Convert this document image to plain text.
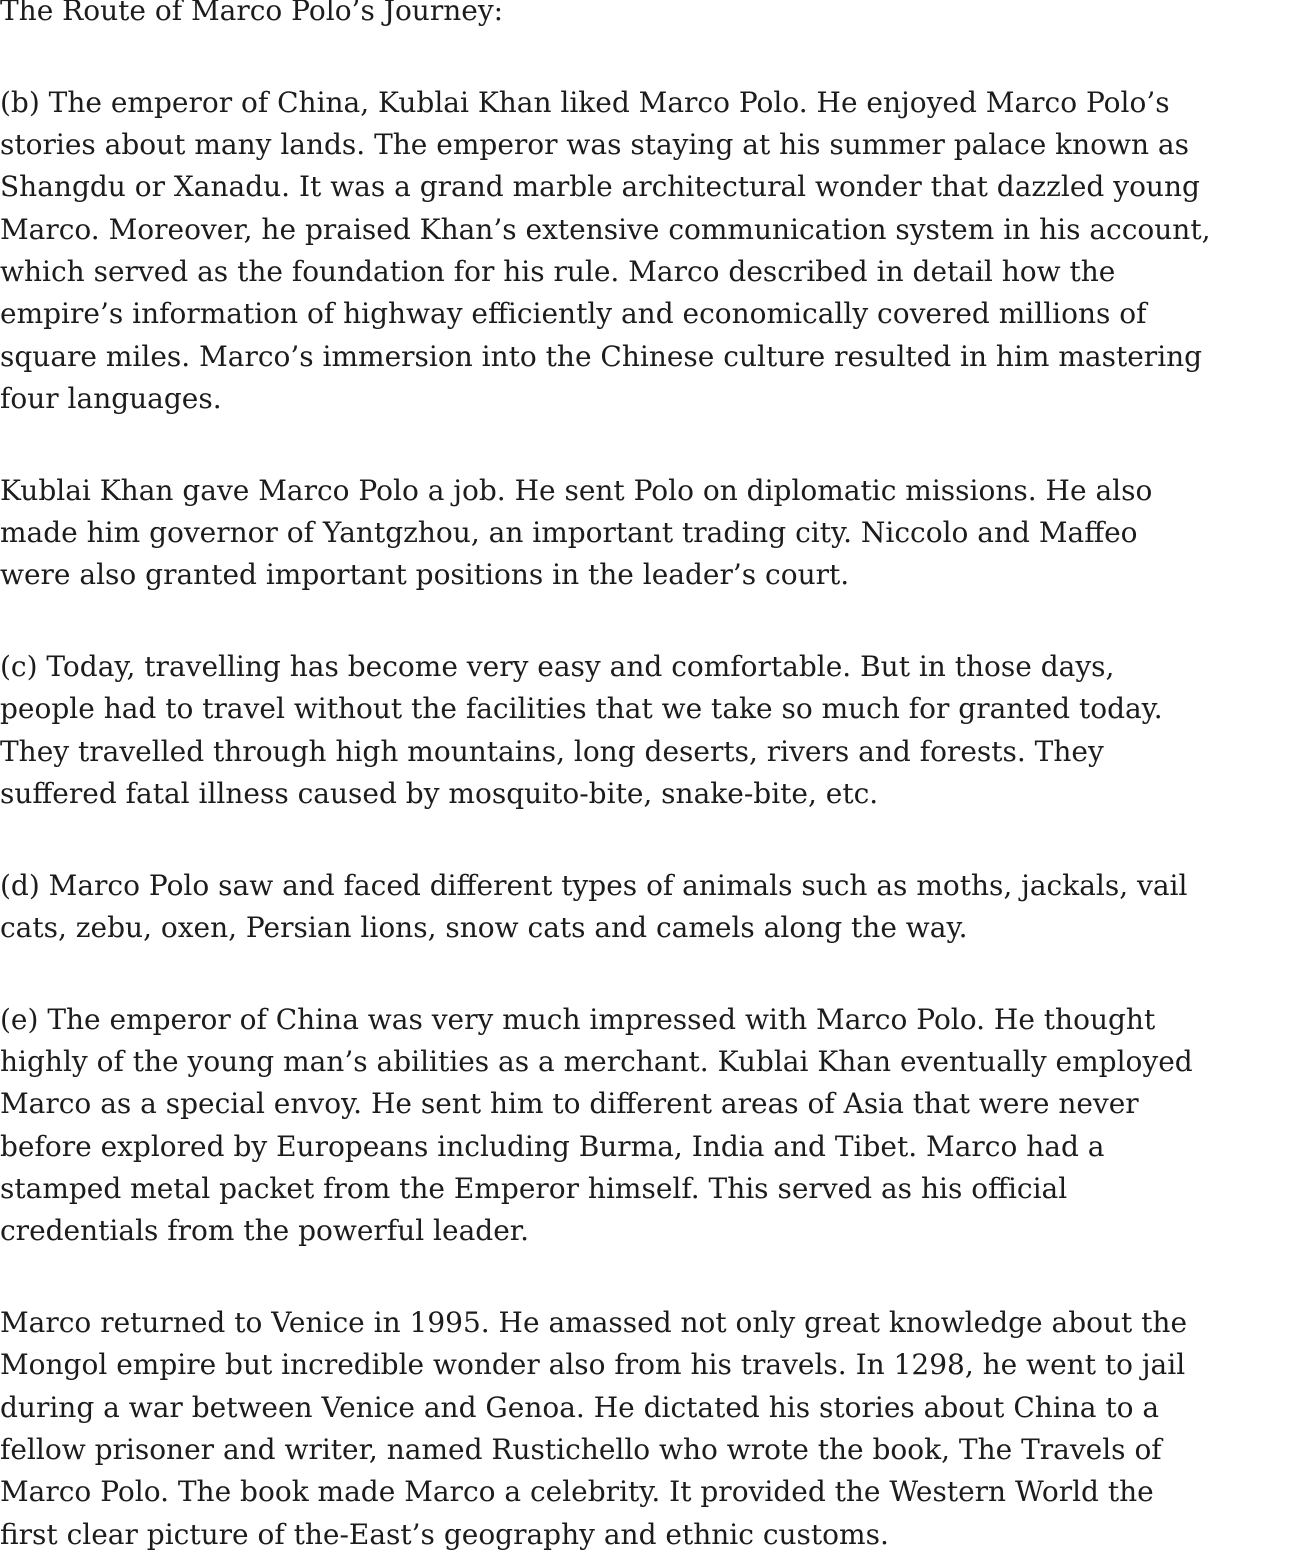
The Route of Marco Polo’s Journey:
(b) The emperor of China, Kublai Khan liked Marco Polo. He enjoyed Marco Polo’s
stories about many lands. The emperor was staying at his summer palace known as
Shangdu or Xanadu. It was a grand marble architectural wonder that dazzled young
Marco. Moreover, he praised Khan’s extensive communication system in his account,
which served as the foundation for his rule. Marco described in detail how the
empire’s information of highway efficiently and economically covered millions of
square miles. Marco’s immersion into the Chinese culture resulted in him mastering
four languages.
Kublai Khan gave Marco Polo a job. He sent Polo on diplomatic missions. He also
made him governor of Yantgzhou, an important trading city. Niccolo and Maffeo
were also granted important positions in the leader’s court.
(c) Today, travelling has become very easy and comfortable. But in those days,
people had to travel without the facilities that we take so much for granted today.
They travelled through high mountains, long deserts, rivers and forests. They
suffered fatal illness caused by mosquito-bite, snake-bite, etc.
(d) Marco Polo saw and faced different types of animals such as moths, jackals, vail
cats, zebu, oxen, Persian lions, snow cats and camels along the way.
(e) The emperor of China was very much impressed with Marco Polo. He thought
highly of the young man’s abilities as a merchant. Kublai Khan eventually employed
Marco as a special envoy. He sent him to different areas of Asia that were never
before explored by Europeans including Burma, India and Tibet. Marco had a
stamped metal packet from the Emperor himself. This served as his official
credentials from the powerful leader.
Marco returned to Venice in 1995. He amassed not only great knowledge about the
Mongol empire but incredible wonder also from his travels. In 1298, he went to jail
during a war between Venice and Genoa. He dictated his stories about China to a
fellow prisoner and writer, named Rustichello who wrote the book, The Travels of
Marco Polo. The book made Marco a celebrity. It provided the Western World the
first clear picture of the-East’s geography and ethnic customs.
